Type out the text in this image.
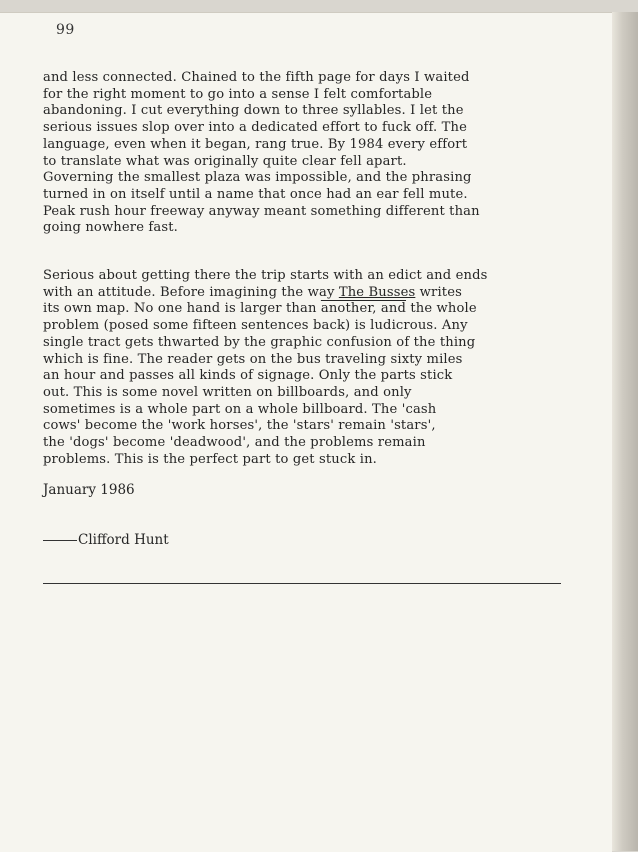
99
and less connected. Chained to the fifth page for days I waited
for the right moment to go into a sense I felt comfortable
abandoning. I cut everything down to three syllables. I let the
serious issues slop over into a dedicated effort to fuck off. The
language, even when it began, rang true. By 1984 every effort
to translate what was originally quite clear fell apart.
Governing the smallest plaza was impossible, and the phrasing
turned in on itself until a name that once had an ear fell mute.
Peak rush hour freeway anyway meant something different than
going nowhere fast.
Serious about getting there the trip starts with an edict and ends
with an attitude. Before imagining the way The Busses writes
its own map. No one hand is larger than another, and the whole
problem (posed some fifteen sentences back) is ludicrous. Any
single tract gets thwarted by the graphic confusion of the thing
which is fine. The reader gets on the bus traveling sixty miles
an hour and passes all kinds of signage. Only the parts stick
out. This is some novel written on billboards, and only
sometimes is a whole part on a whole billboard. The 'cash
cows' become the 'work horses', the 'stars' remain 'stars',
the 'dogs' become 'deadwood', and the problems remain
problems. This is the perfect part to get stuck in.
January 1986
Clifford Hunt
